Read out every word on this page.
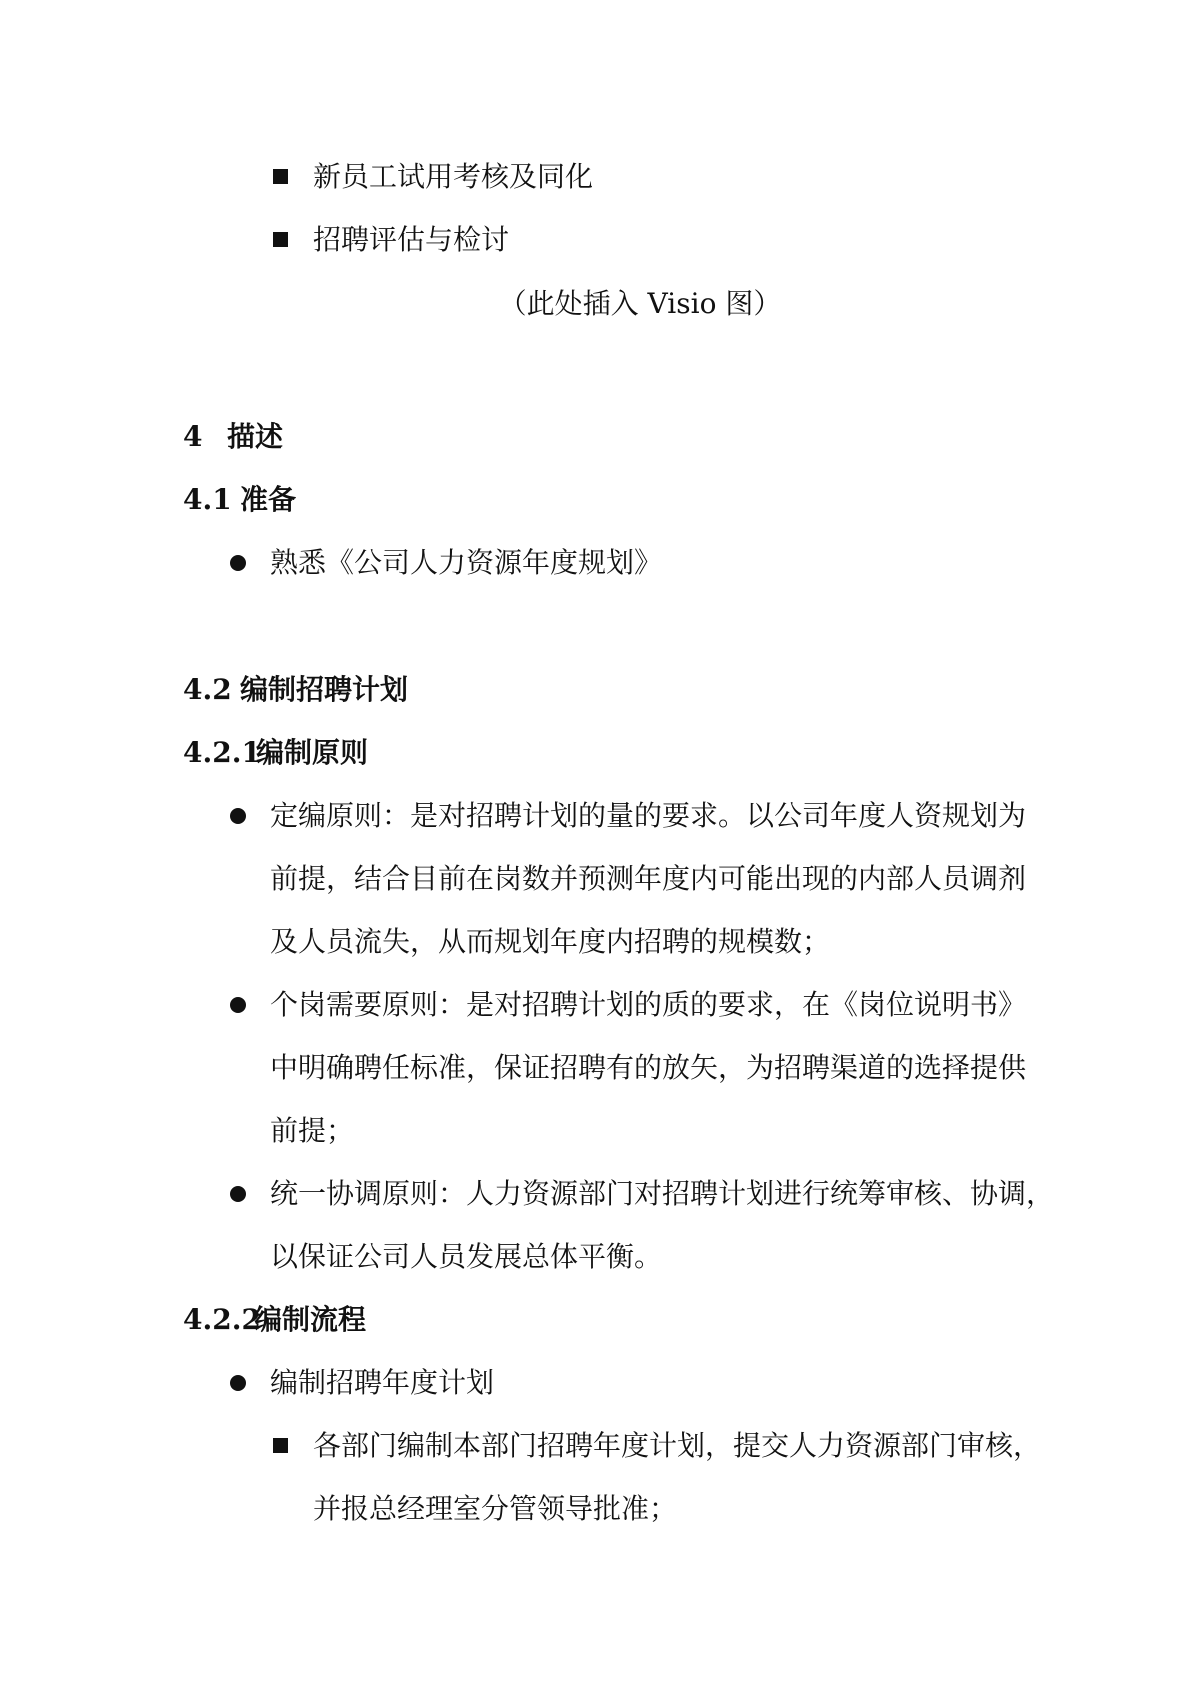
新员工试用考核及同化
招聘评估与检讨
（此处插入 Visio 图）
4 描述
4.1 准备
熟悉《公司人力资源年度规划》
4.2 编制招聘计划
4.2.1
编制原则
定编原则：是对招聘计划的量的要求。以公司年度人资规划为
前提，结合目前在岗数并预测年度内可能出现的内部人员调剂
及人员流失，从而规划年度内招聘的规模数；
个岗需要原则：是对招聘计划的质的要求，在《岗位说明书》
中明确聘任标准，保证招聘有的放矢，为招聘渠道的选择提供
前提；
统一协调原则：人力资源部门对招聘计划进行统筹审核、协调，
以保证公司人员发展总体平衡。
4.2.2
编制流程
编制招聘年度计划
各部门编制本部门招聘年度计划，提交人力资源部门审核，
并报总经理室分管领导批准；
